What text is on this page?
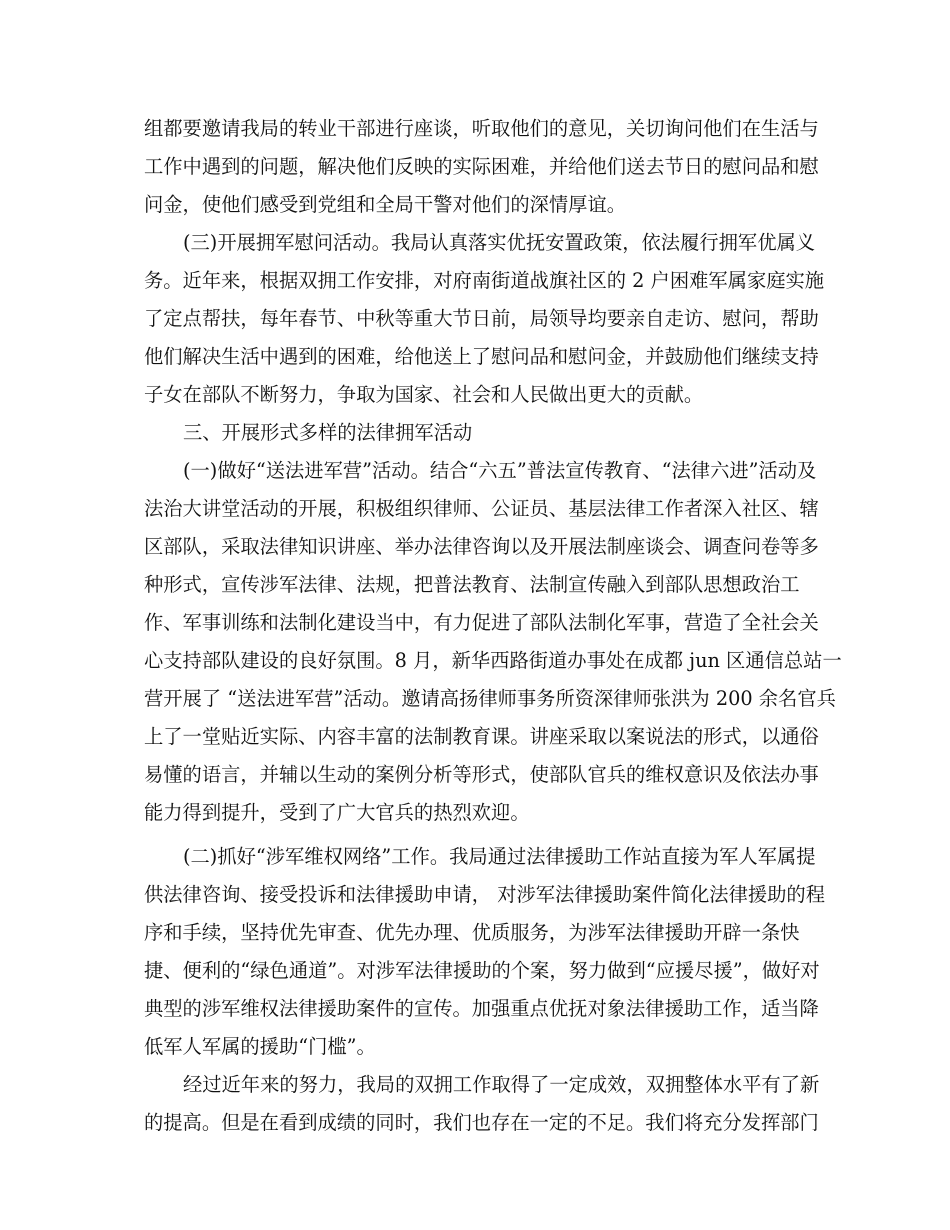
组都要邀请我局的转业干部进行座谈，听取他们的意见，关切询问他们在生活与
工作中遇到的问题，解决他们反映的实际困难，并给他们送去节日的慰问品和慰
问金，使他们感受到党组和全局干警对他们的深情厚谊。
(三)开展拥军慰问活动。我局认真落实优抚安置政策，依法履行拥军优属义
务。近年来，根据双拥工作安排，对府南街道战旗社区的 2 户困难军属家庭实施
了定点帮扶，每年春节、中秋等重大节日前，局领导均要亲自走访、慰问，帮助
他们解决生活中遇到的困难，给他送上了慰问品和慰问金，并鼓励他们继续支持
子女在部队不断努力，争取为国家、社会和人民做出更大的贡献。
三、开展形式多样的法律拥军活动
(一)做好“送法进军营”活动。结合“六五”普法宣传教育、“法律六进”活动及
法治大讲堂活动的开展，积极组织律师、公证员、基层法律工作者深入社区、辖
区部队，采取法律知识讲座、举办法律咨询以及开展法制座谈会、调查问卷等多
种形式，宣传涉军法律、法规，把普法教育、法制宣传融入到部队思想政治工
作、军事训练和法制化建设当中，有力促进了部队法制化军事，营造了全社会关
心支持部队建设的良好氛围。8 月，新华西路街道办事处在成都 jun 区通信总站一
营开展了 “送法进军营”活动。邀请高扬律师事务所资深律师张洪为 200 余名官兵
上了一堂贴近实际、内容丰富的法制教育课。讲座采取以案说法的形式，以通俗
易懂的语言，并辅以生动的案例分析等形式，使部队官兵的维权意识及依法办事
能力得到提升，受到了广大官兵的热烈欢迎。
(二)抓好“涉军维权网络”工作。我局通过法律援助工作站直接为军人军属提
供法律咨询、接受投诉和法律援助申请， 对涉军法律援助案件简化法律援助的程
序和手续，坚持优先审查、优先办理、优质服务，为涉军法律援助开辟一条快
捷、便利的“绿色通道”。对涉军法律援助的个案，努力做到“应援尽援”，做好对
典型的涉军维权法律援助案件的宣传。加强重点优抚对象法律援助工作，适当降
低军人军属的援助“门槛”。
经过近年来的努力，我局的双拥工作取得了一定成效，双拥整体水平有了新
的提高。但是在看到成绩的同时，我们也存在一定的不足。我们将充分发挥部门
